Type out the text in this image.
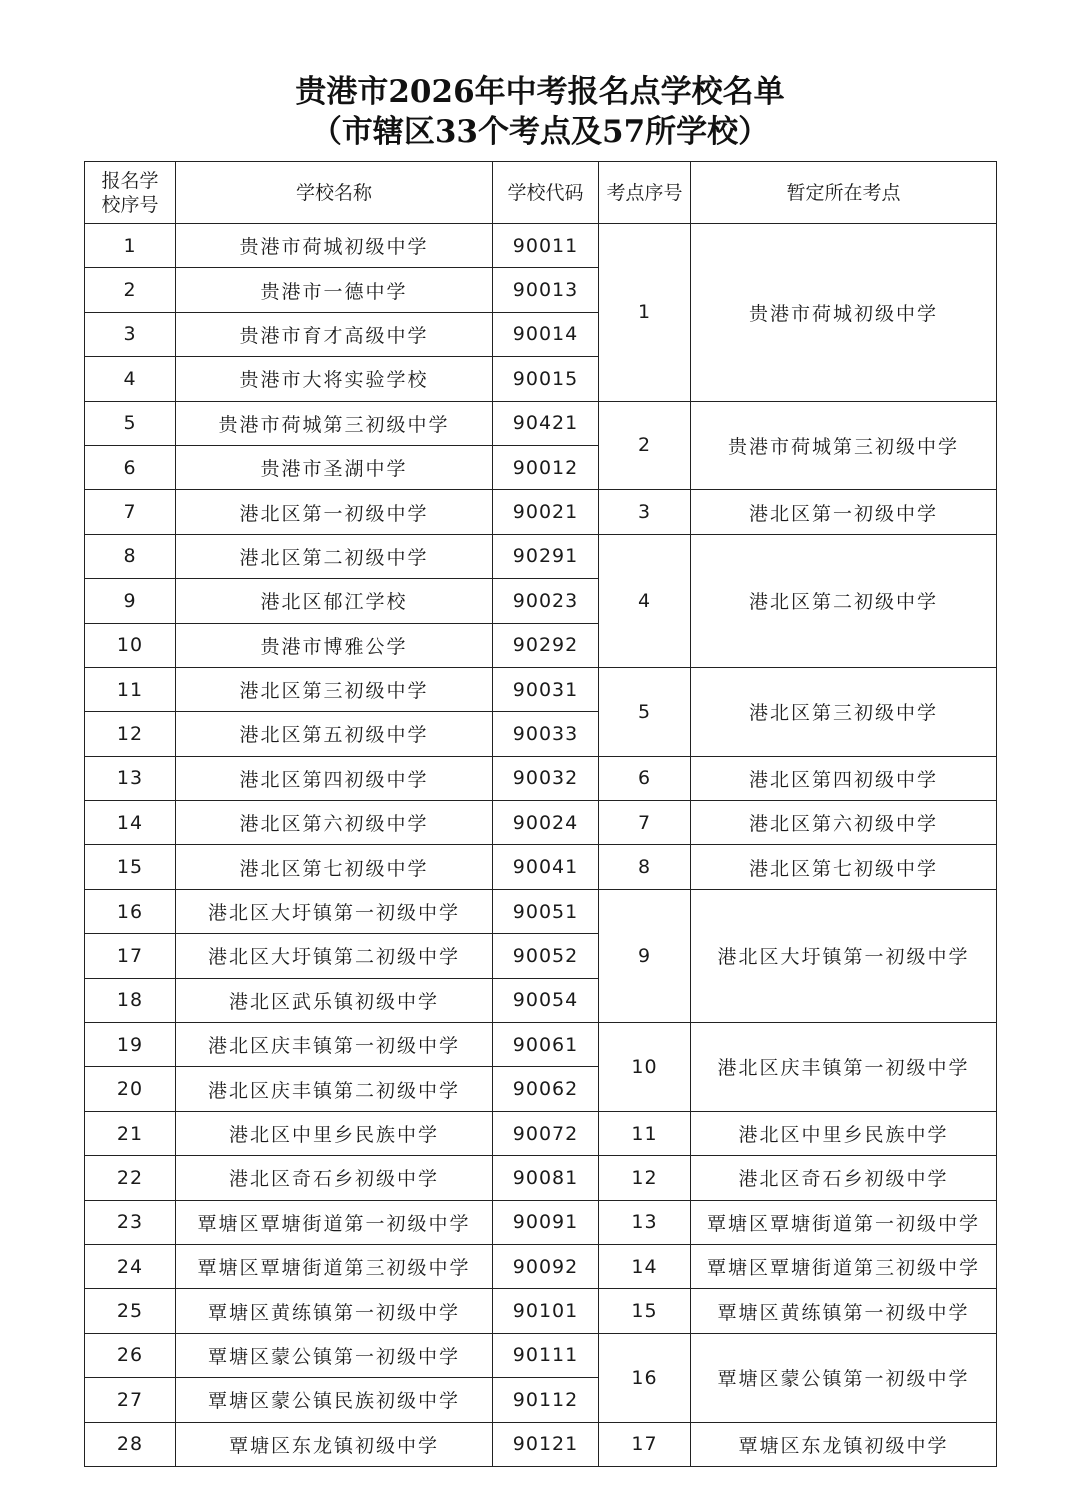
贵港市2026年中考报名点学校名单
（市辖区33个考点及57所学校）
报名学校序号	学校名称	学校代码	考点序号	暂定所在考点
1	贵港市荷城初级中学	90011	1	贵港市荷城初级中学
2	贵港市一德中学	90013		
3	贵港市育才高级中学	90014		
4	贵港市大将实验学校	90015		
5	贵港市荷城第三初级中学	90421	2	贵港市荷城第三初级中学
6	贵港市圣湖中学	90012		
7	港北区第一初级中学	90021	3	港北区第一初级中学
8	港北区第二初级中学	90291	4	港北区第二初级中学
9	港北区郁江学校	90023		
10	贵港市博雅公学	90292		
11	港北区第三初级中学	90031	5	港北区第三初级中学
12	港北区第五初级中学	90033		
13	港北区第四初级中学	90032	6	港北区第四初级中学
14	港北区第六初级中学	90024	7	港北区第六初级中学
15	港北区第七初级中学	90041	8	港北区第七初级中学
16	港北区大圩镇第一初级中学	90051	9	港北区大圩镇第一初级中学
17	港北区大圩镇第二初级中学	90052		
18	港北区武乐镇初级中学	90054		
19	港北区庆丰镇第一初级中学	90061	10	港北区庆丰镇第一初级中学
20	港北区庆丰镇第二初级中学	90062		
21	港北区中里乡民族中学	90072	11	港北区中里乡民族中学
22	港北区奇石乡初级中学	90081	12	港北区奇石乡初级中学
23	覃塘区覃塘街道第一初级中学	90091	13	覃塘区覃塘街道第一初级中学
24	覃塘区覃塘街道第三初级中学	90092	14	覃塘区覃塘街道第三初级中学
25	覃塘区黄练镇第一初级中学	90101	15	覃塘区黄练镇第一初级中学
26	覃塘区蒙公镇第一初级中学	90111	16	覃塘区蒙公镇第一初级中学
27	覃塘区蒙公镇民族初级中学	90112		
28	覃塘区东龙镇初级中学	90121	17	覃塘区东龙镇初级中学
